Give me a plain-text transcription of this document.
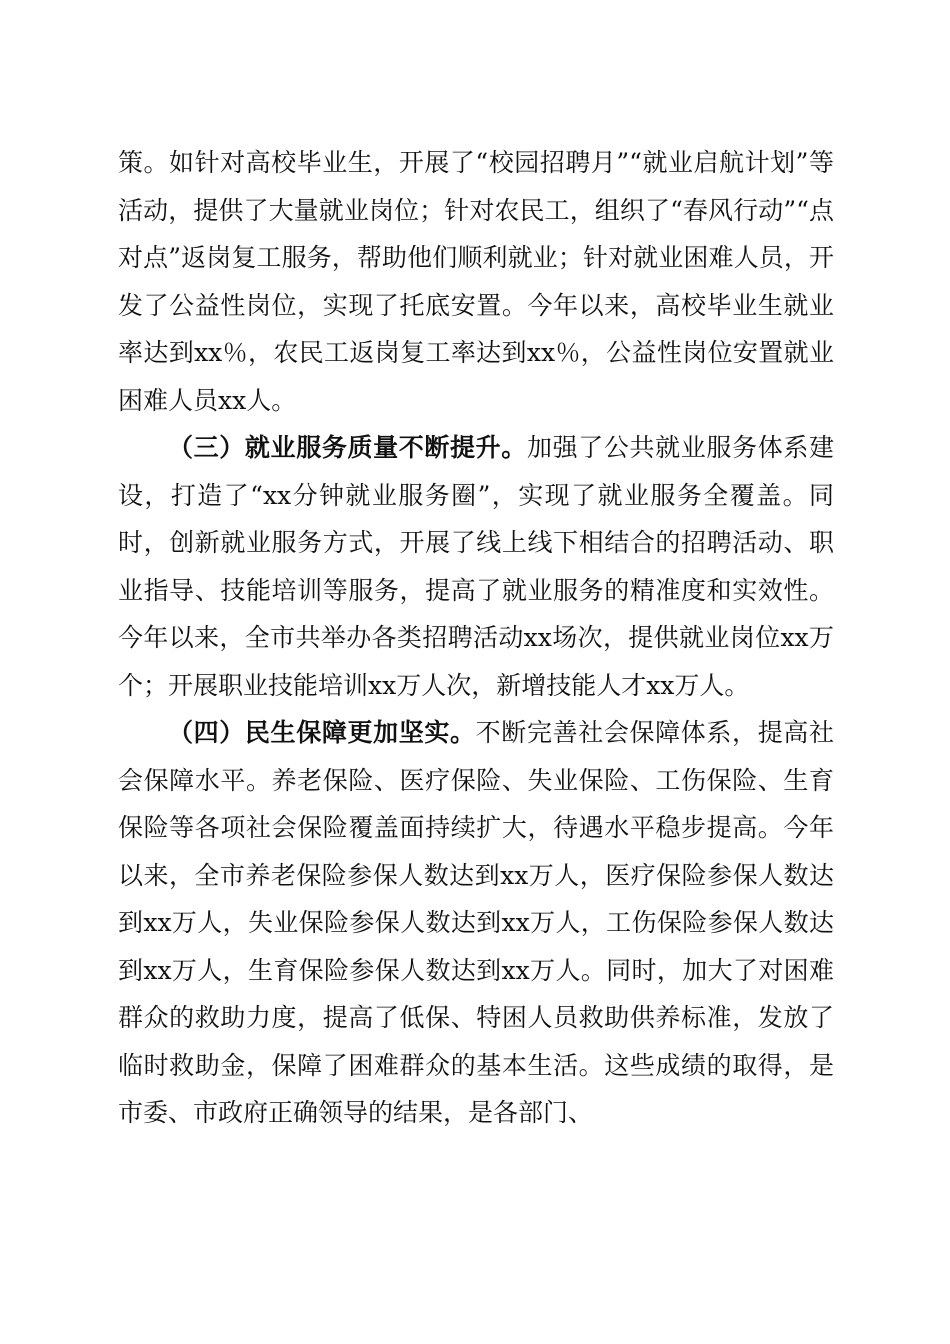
策。如针对高校毕业生，开展了“校园招聘月”“就业启航计划”等活动，提供了大量就业岗位；针对农民工，组织了“春风行动”“点对点”返岗复工服务，帮助他们顺利就业；针对就业困难人员，开发了公益性岗位，实现了托底安置。今年以来，高校毕业生就业率达到xx％，农民工返岗复工率达到xx％，公益性岗位安置就业困难人员xx人。

（三）就业服务质量不断提升。加强了公共就业服务体系建设，打造了“xx分钟就业服务圈”，实现了就业服务全覆盖。同时，创新就业服务方式，开展了线上线下相结合的招聘活动、职业指导、技能培训等服务，提高了就业服务的精准度和实效性。今年以来，全市共举办各类招聘活动xx场次，提供就业岗位xx万个；开展职业技能培训xx万人次，新增技能人才xx万人。

（四）民生保障更加坚实。不断完善社会保障体系，提高社会保障水平。养老保险、医疗保险、失业保险、工伤保险、生育保险等各项社会保险覆盖面持续扩大，待遇水平稳步提高。今年以来，全市养老保险参保人数达到xx万人，医疗保险参保人数达到xx万人，失业保险参保人数达到xx万人，工伤保险参保人数达到xx万人，生育保险参保人数达到xx万人。同时，加大了对困难群众的救助力度，提高了低保、特困人员救助供养标准，发放了临时救助金，保障了困难群众的基本生活。这些成绩的取得，是市委、市政府正确领导的结果，是各部门、
